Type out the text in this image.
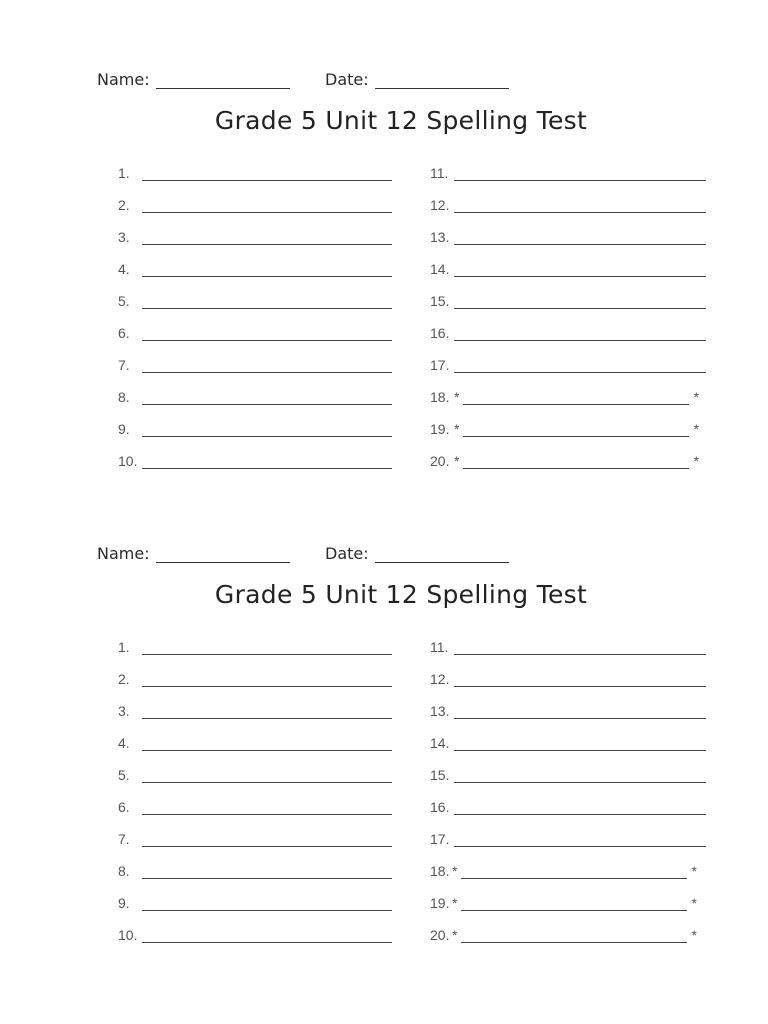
Name:	Date:
Grade 5 Unit 12 Spelling Test
1.
2.
3.
4.
5.
6.
7.
8.
9.
10.
11.
12.
13.
14.
15.
16.
17.
18. *	*
19. *	*
20. *	*
Name:	Date:
Grade 5 Unit 12 Spelling Test
1.
2.
3.
4.
5.
6.
7.
8.
9.
10.
11.
12.
13.
14.
15.
16.
17.
18. *	*
19. *	*
20. *	*
